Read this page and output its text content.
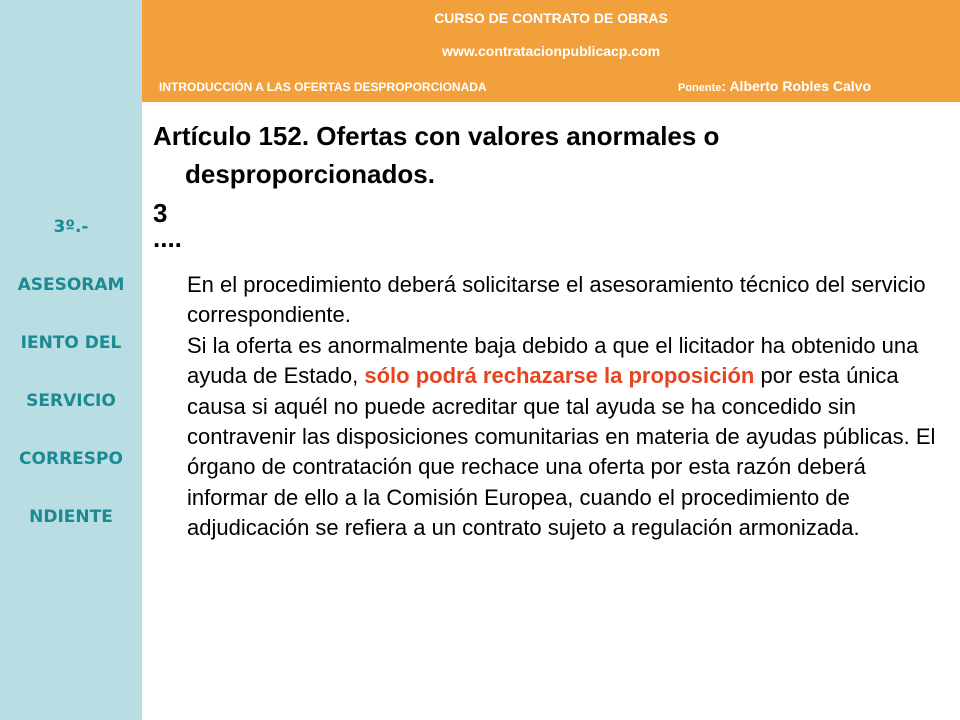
3º.-
ASESORAM
IENTO DEL
SERVICIO
CORRESPO
NDIENTE
CURSO DE CONTRATO DE OBRAS
www.contratacionpublicacp.com
INTRODUCCIÓN A LAS OFERTAS DESPROPORCIONADA	Ponente: Alberto Robles Calvo
Artículo 152. Ofertas con valores anormales o desproporcionados.
3
....

En el procedimiento deberá solicitarse el asesoramiento técnico del servicio correspondiente.

Si la oferta es anormalmente baja debido a que el licitador ha obtenido una ayuda de Estado, sólo podrá rechazarse la proposición por esta única causa si aquél no puede acreditar que tal ayuda se ha concedido sin contravenir las disposiciones comunitarias en materia de ayudas públicas. El órgano de contratación que rechace una oferta por esta razón deberá informar de ello a la Comisión Europea, cuando el procedimiento de adjudicación se refiera a un contrato sujeto a regulación armonizada.
